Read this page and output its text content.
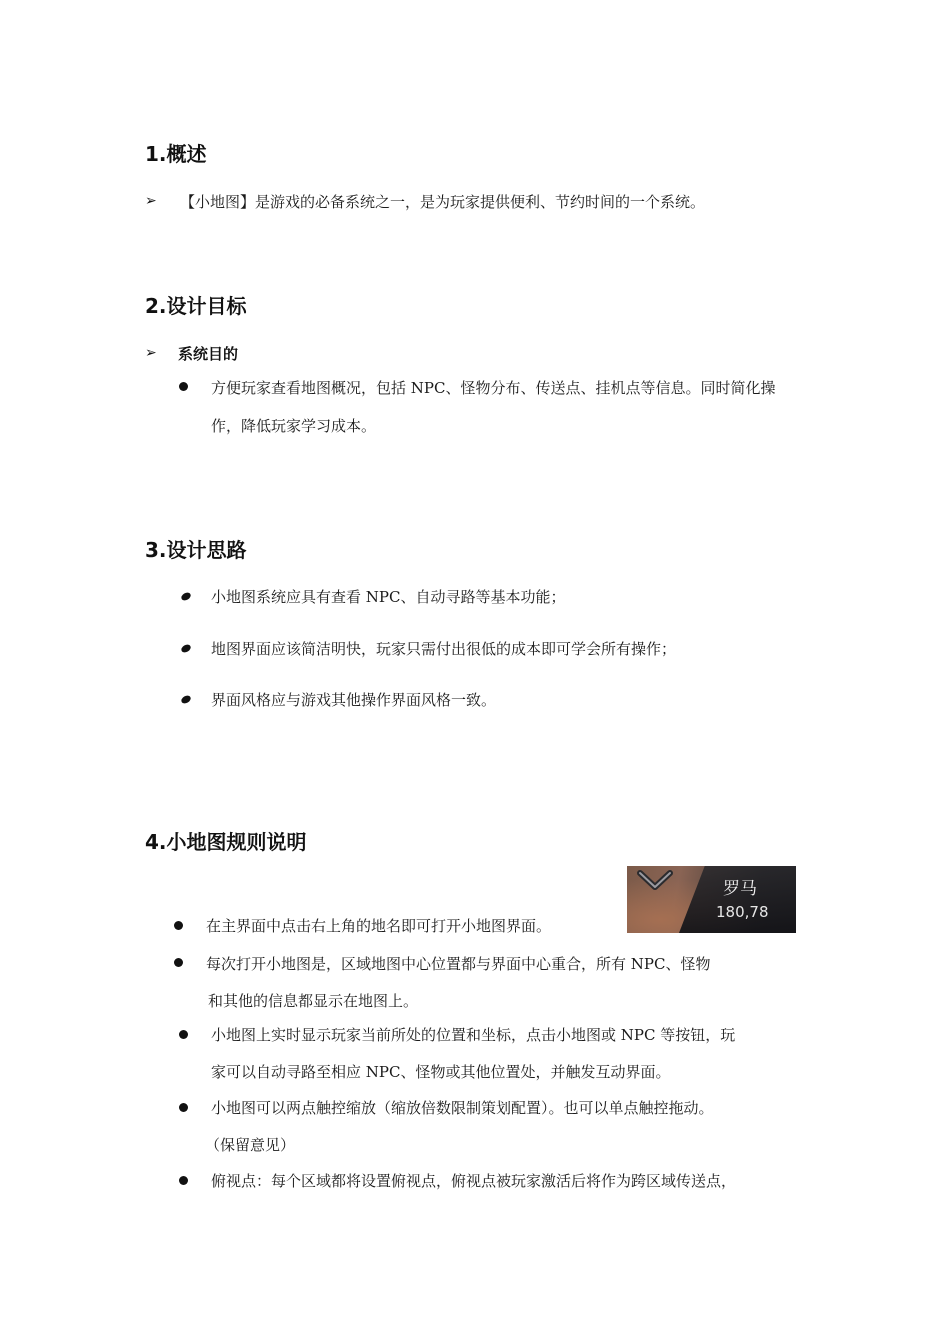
1.概述
➢ 【小地图】是游戏的必备系统之一，是为玩家提供便利、节约时间的一个系统。
2.设计目标
➢ 系统目的
方便玩家查看地图概况，包括 NPC、怪物分布、传送点、挂机点等信息。同时简化操
作，降低玩家学习成本。
3.设计思路
小地图系统应具有查看 NPC、自动寻路等基本功能；
地图界面应该简洁明快，玩家只需付出很低的成本即可学会所有操作；
界面风格应与游戏其他操作界面风格一致。
4.小地图规则说明
罗马
180,78
在主界面中点击右上角的地名即可打开小地图界面。
每次打开小地图是，区域地图中心位置都与界面中心重合，所有 NPC、怪物
和其他的信息都显示在地图上。
小地图上实时显示玩家当前所处的位置和坐标，点击小地图或 NPC 等按钮，玩
家可以自动寻路至相应 NPC、怪物或其他位置处，并触发互动界面。
小地图可以两点触控缩放（缩放倍数限制策划配置）。也可以单点触控拖动。
（保留意见）
俯视点：每个区域都将设置俯视点，俯视点被玩家激活后将作为跨区域传送点，
